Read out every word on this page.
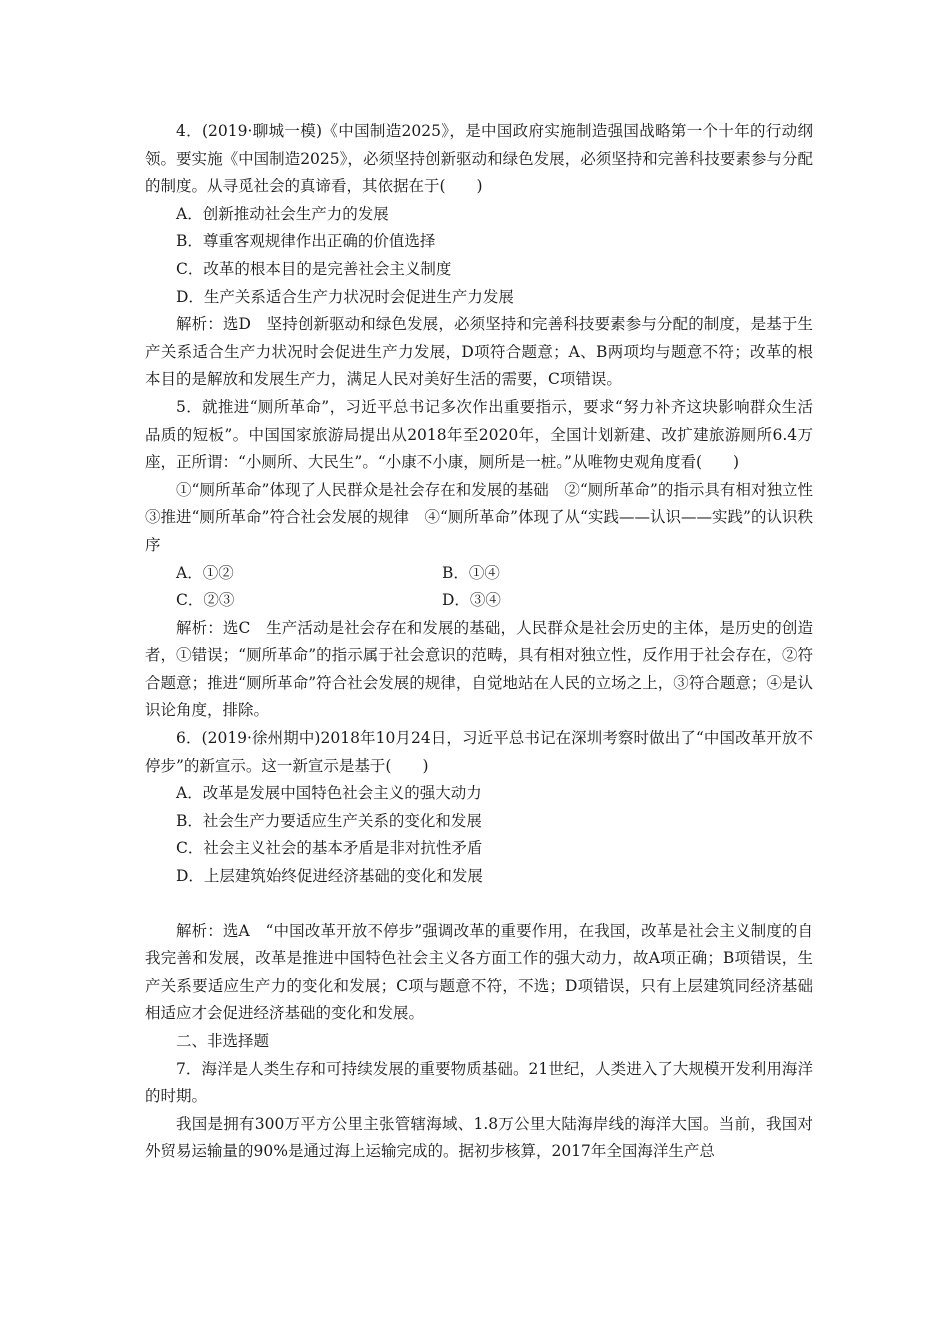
4．(2019·聊城一模)《中国制造2025》，是中国政府实施制造强国战略第一个十年的行动纲领。要实施《中国制造2025》，必须坚持创新驱动和绿色发展，必须坚持和完善科技要素参与分配的制度。从寻觅社会的真谛看，其依据在于(　　)

A．创新推动社会生产力的发展

B．尊重客观规律作出正确的价值选择

C．改革的根本目的是完善社会主义制度

D．生产关系适合生产力状况时会促进生产力发展

解析：选D　坚持创新驱动和绿色发展，必须坚持和完善科技要素参与分配的制度，是基于生产关系适合生产力状况时会促进生产力发展，D项符合题意；A、B两项均与题意不符；改革的根本目的是解放和发展生产力，满足人民对美好生活的需要，C项错误。

5．就推进“厕所革命”，习近平总书记多次作出重要指示，要求“努力补齐这块影响群众生活品质的短板”。中国国家旅游局提出从2018年至2020年，全国计划新建、改扩建旅游厕所6.4万座，正所谓：“小厕所、大民生”。“小康不小康，厕所是一桩。”从唯物史观角度看(　　)

①“厕所革命”体现了人民群众是社会存在和发展的基础　②“厕所革命”的指示具有相对独立性　③推进“厕所革命”符合社会发展的规律　④“厕所革命”体现了从“实践——认识——实践”的认识秩序

A．①②	B．①④
C．②③	D．③④

解析：选C　生产活动是社会存在和发展的基础，人民群众是社会历史的主体，是历史的创造者，①错误；“厕所革命”的指示属于社会意识的范畴，具有相对独立性，反作用于社会存在，②符合题意；推进“厕所革命”符合社会发展的规律，自觉地站在人民的立场之上，③符合题意；④是认识论角度，排除。

6．(2019·徐州期中)2018年10月24日，习近平总书记在深圳考察时做出了“中国改革开放不停步”的新宣示。这一新宣示是基于(　　)

A．改革是发展中国特色社会主义的强大动力

B．社会生产力要适应生产关系的变化和发展

C．社会主义社会的基本矛盾是非对抗性矛盾

D．上层建筑始终促进经济基础的变化和发展

解析：选A　“中国改革开放不停步”强调改革的重要作用，在我国，改革是社会主义制度的自我完善和发展，改革是推进中国特色社会主义各方面工作的强大动力，故A项正确；B项错误，生产关系要适应生产力的变化和发展；C项与题意不符，不选；D项错误，只有上层建筑同经济基础相适应才会促进经济基础的变化和发展。

二、非选择题

7．海洋是人类生存和可持续发展的重要物质基础。21世纪，人类进入了大规模开发利用海洋的时期。

我国是拥有300万平方公里主张管辖海域、1.8万公里大陆海岸线的海洋大国。当前，我国对外贸易运输量的90%是通过海上运输完成的。据初步核算，2017年全国海洋生产总
